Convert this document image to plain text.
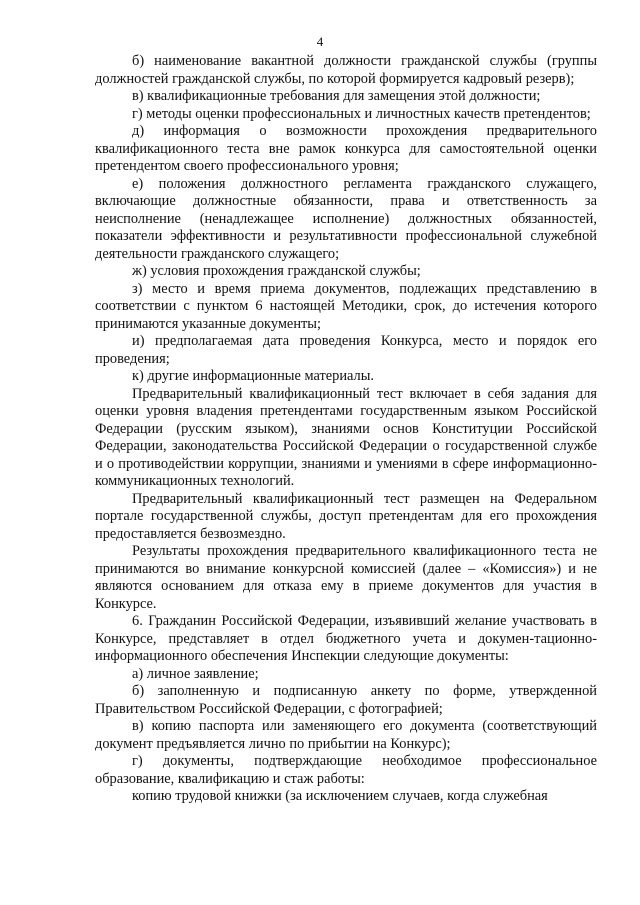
4

б) наименование вакантной должности гражданской службы (группы должностей гражданской службы, по которой формируется кадровый резерв);

в) квалификационные требования для замещения этой должности;

г) методы оценки профессиональных и личностных качеств претендентов;

д) информация о возможности прохождения предварительного квалификационного теста вне рамок конкурса для самостоятельной оценки претендентом своего профессионального уровня;

е) положения должностного регламента гражданского служащего, включающие должностные обязанности, права и ответственность за неисполнение (ненадлежащее исполнение) должностных обязанностей, показатели эффективности и результативности профессиональной служебной деятельности гражданского служащего;

ж) условия прохождения гражданской службы;

з) место и время приема документов, подлежащих представлению в соответствии с пунктом 6 настоящей Методики, срок, до истечения которого принимаются указанные документы;

и) предполагаемая дата проведения Конкурса, место и порядок его проведения;

к) другие информационные материалы.

Предварительный квалификационный тест включает в себя задания для оценки уровня владения претендентами государственным языком Российской Федерации (русским языком), знаниями основ Конституции Российской Федерации, законодательства Российской Федерации о государственной службе и о противодействии коррупции, знаниями и умениями в сфере информационно-коммуникационных технологий.

Предварительный квалификационный тест размещен на Федеральном портале государственной службы, доступ претендентам для его прохождения предоставляется безвозмездно.

Результаты прохождения предварительного квалификационного теста не принимаются во внимание конкурсной комиссией (далее – «Комиссия») и не являются основанием для отказа ему в приеме документов для участия в Конкурсе.

6. Гражданин Российской Федерации, изъявивший желание участвовать в Конкурсе, представляет в отдел бюджетного учета и докумен-тационно-информационного обеспечения Инспекции следующие документы:

а) личное заявление;

б) заполненную и подписанную анкету по форме, утвержденной Правительством Российской Федерации, с фотографией;

в) копию паспорта или заменяющего его документа (соответствующий документ предъявляется лично по прибытии на Конкурс);

г) документы, подтверждающие необходимое профессиональное образование, квалификацию и стаж работы:

копию трудовой книжки (за исключением случаев, когда служебная
